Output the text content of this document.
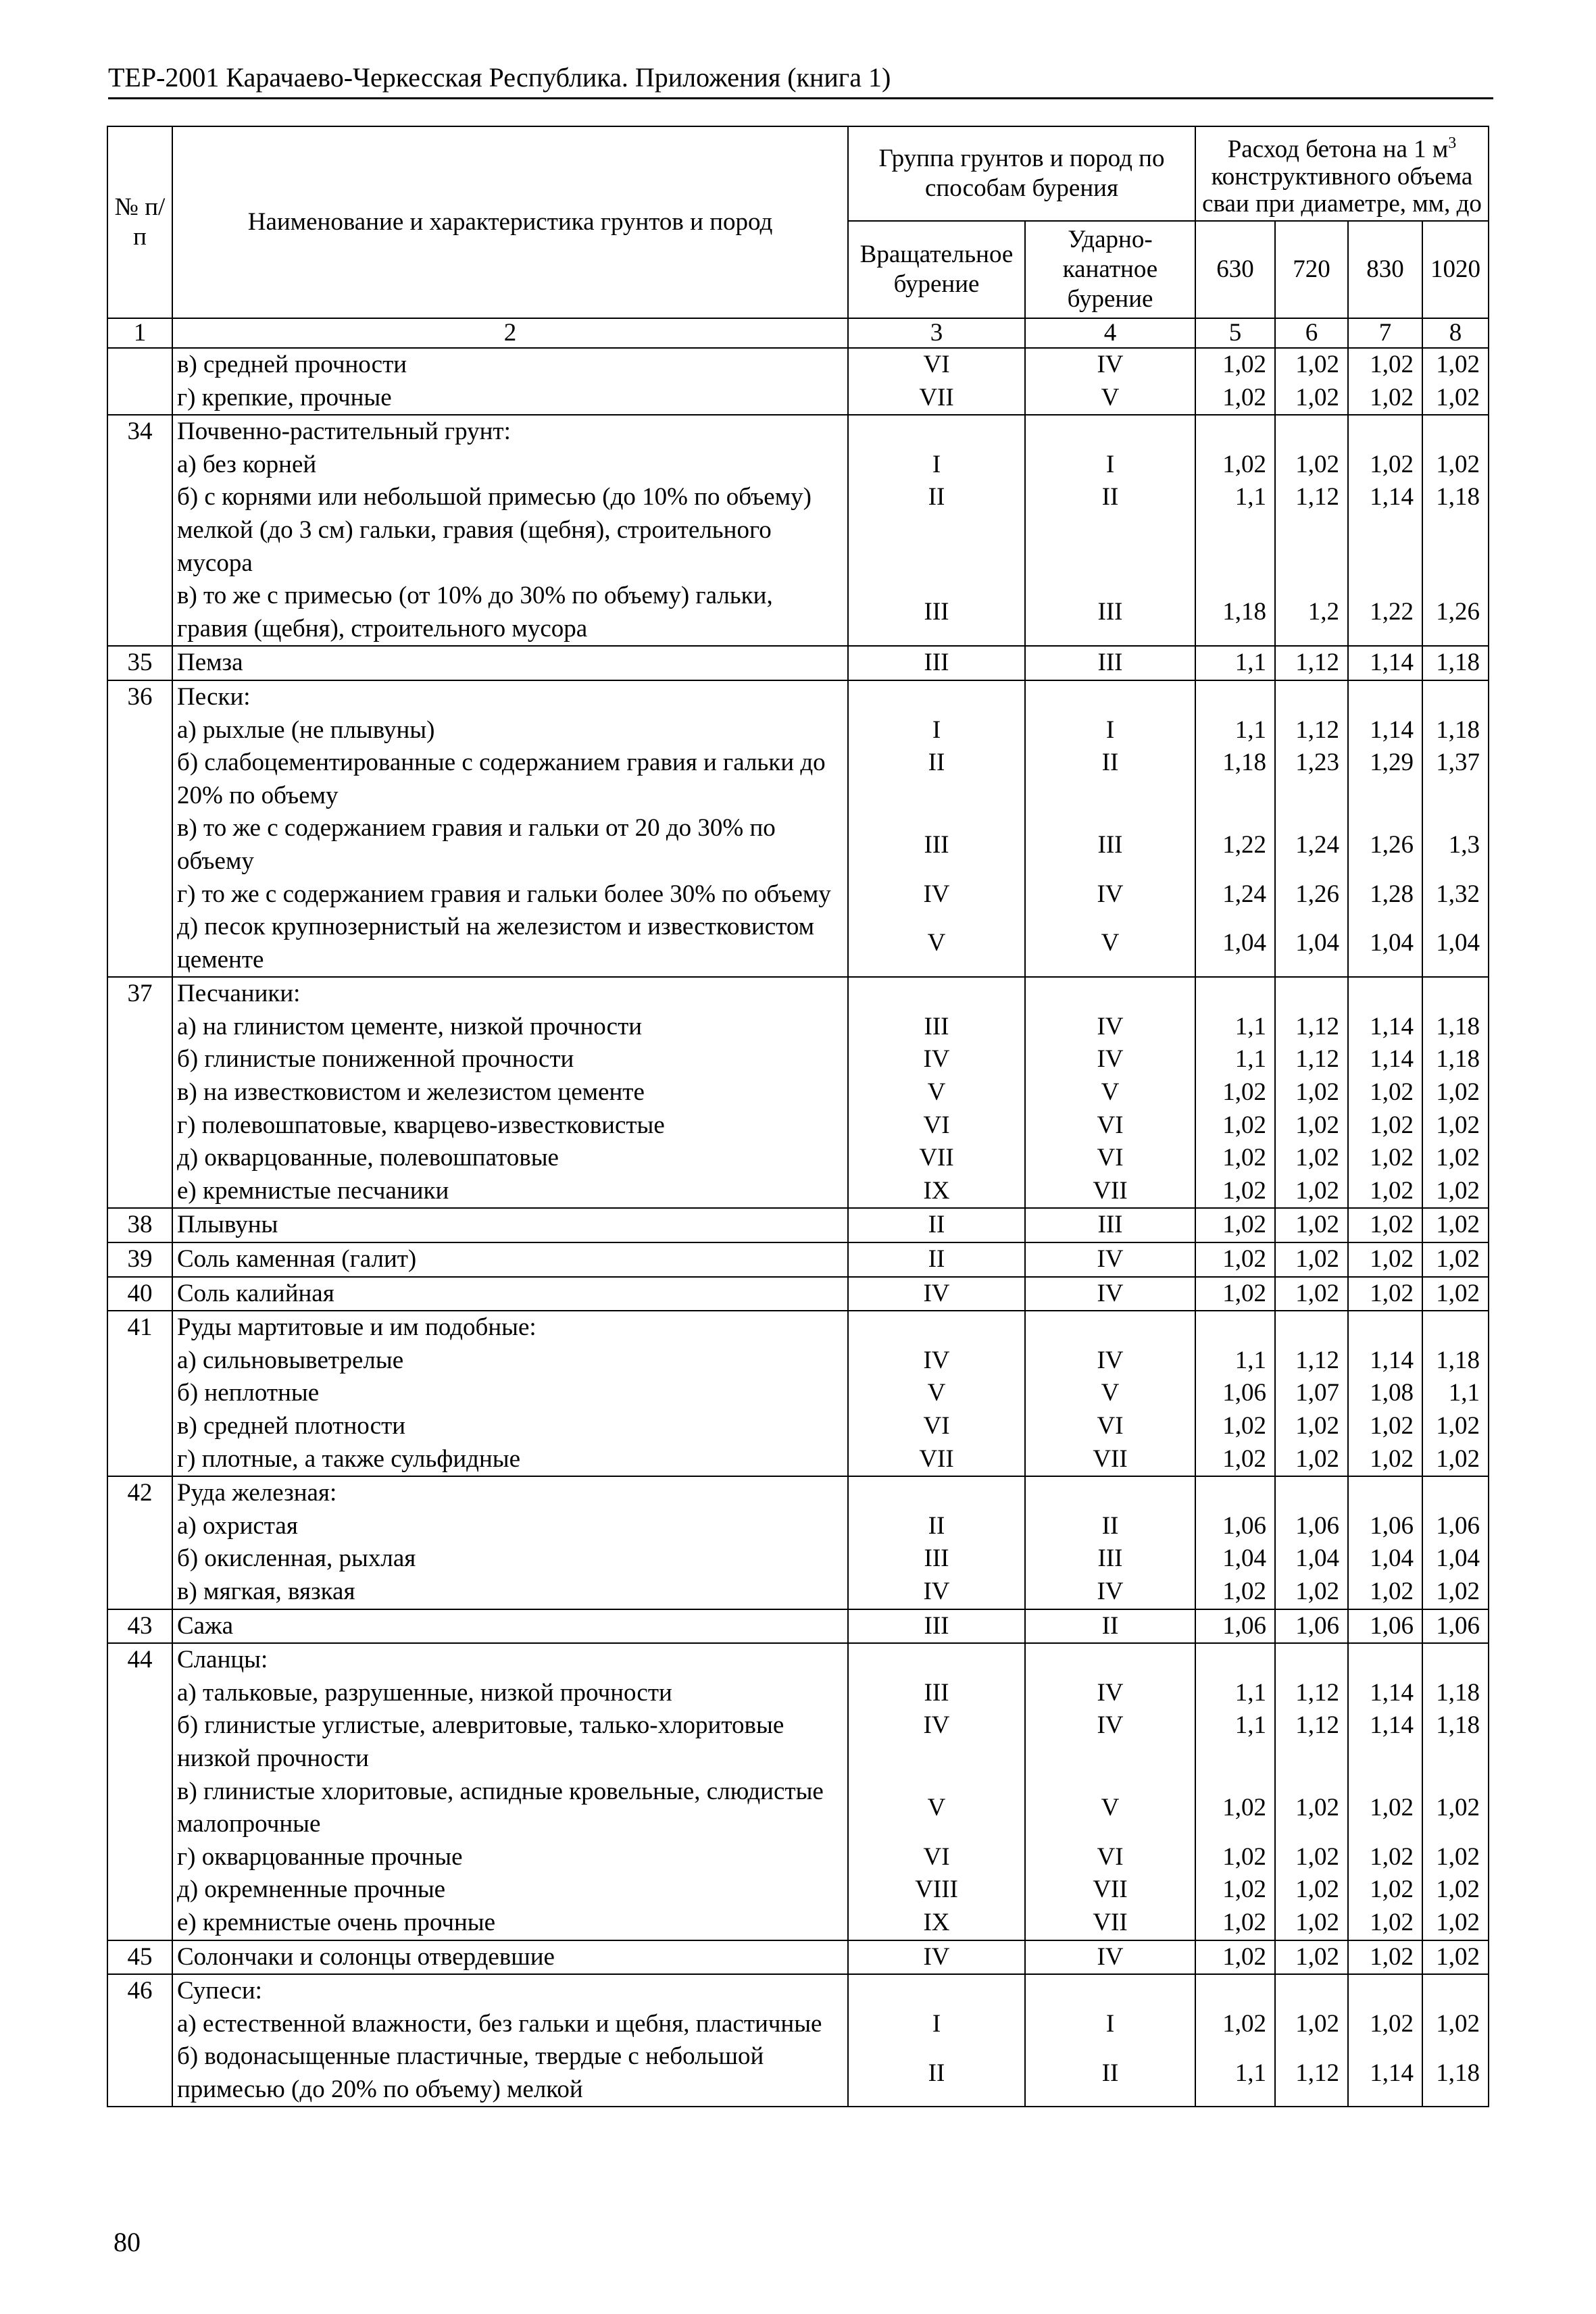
ТЕР-2001 Карачаево-Черкесская Республика. Приложения (книга 1)
№ п/п	Наименование и характеристика грунтов и пород	Группа грунтов и пород по способам бурения		Расход бетона на 1 $м^3$
конструктивного объема
сваи при диаметре, мм, до			

		Вращательное бурение	Ударно-канатное бурение	630	720	830	1020
1	2	3	4	5	6	7	8
	в) средней прочности	VI	IV	1,02	1,02	1,02	1,02
	г) крепкие, прочные	VII	V	1,02	1,02	1,02	1,02
34	Почвенно-растительный грунт:						
	а) без корней	I	I	1,02	1,02	1,02	1,02
	б) с корнями или небольшой примесью (до 10% по объему) мелкой (до 3 см) гальки, гравия (щебня), строительного мусора	II	II	1,1	1,12	1,14	1,18
	в) то же с примесью (от 10% до 30% по объему) гальки, гравия (щебня), строительного мусора	III	III	1,18	1,2	1,22	1,26
35	Пемза	III	III	1,1	1,12	1,14	1,18
36	Пески:						
	а) рыхлые (не плывуны)	I	I	1,1	1,12	1,14	1,18
	б) слабоцементированные с содержанием гравия и гальки до 20% по объему	II	II	1,18	1,23	1,29	1,37
	в) то же с содержанием гравия и гальки от 20 до 30% по объему	III	III	1,22	1,24	1,26	1,3
	г) то же с содержанием гравия и гальки более 30% по объему	IV	IV	1,24	1,26	1,28	1,32
	д) песок крупнозернистый на железистом и известковистом цементе	V	V	1,04	1,04	1,04	1,04
37	Песчаники:						
	а) на глинистом цементе, низкой прочности	III	IV	1,1	1,12	1,14	1,18
	б) глинистые пониженной прочности	IV	IV	1,1	1,12	1,14	1,18
	в) на известковистом и железистом цементе	V	V	1,02	1,02	1,02	1,02
	г) полевошпатовые, кварцево-известковистые	VI	VI	1,02	1,02	1,02	1,02
	д) окварцованные, полевошпатовые	VII	VI	1,02	1,02	1,02	1,02
	е) кремнистые песчаники	IX	VII	1,02	1,02	1,02	1,02
38	Плывуны	II	III	1,02	1,02	1,02	1,02
39	Соль каменная (галит)	II	IV	1,02	1,02	1,02	1,02
40	Соль калийная	IV	IV	1,02	1,02	1,02	1,02
41	Руды мартитовые и им подобные:						
	а) сильновыветрелые	IV	IV	1,1	1,12	1,14	1,18
	б) неплотные	V	V	1,06	1,07	1,08	1,1
	в) средней плотности	VI	VI	1,02	1,02	1,02	1,02
	г) плотные, а также сульфидные	VII	VII	1,02	1,02	1,02	1,02
42	Руда железная:						
	а) охристая	II	II	1,06	1,06	1,06	1,06
	б) окисленная, рыхлая	III	III	1,04	1,04	1,04	1,04
	в) мягкая, вязкая	IV	IV	1,02	1,02	1,02	1,02
43	Сажа	III	II	1,06	1,06	1,06	1,06
44	Сланцы:						
	а) тальковые, разрушенные, низкой прочности	III	IV	1,1	1,12	1,14	1,18
	б) глинистые углистые, алевритовые, талько-хлоритовые низкой прочности	IV	IV	1,1	1,12	1,14	1,18
	в) глинистые хлоритовые, аспидные кровельные, слюдистые малопрочные	V	V	1,02	1,02	1,02	1,02
	г) окварцованные прочные	VI	VI	1,02	1,02	1,02	1,02
	д) окремненные прочные	VIII	VII	1,02	1,02	1,02	1,02
	е) кремнистые очень прочные	IX	VII	1,02	1,02	1,02	1,02
45	Солончаки и солонцы отвердевшие	IV	IV	1,02	1,02	1,02	1,02
46	Супеси:						
	а) естественной влажности, без гальки и щебня, пластичные	I	I	1,02	1,02	1,02	1,02
	б) водонасыщенные пластичные, твердые с небольшой примесью (до 20% по объему) мелкой	II	II	1,1	1,12	1,14	1,18
80
